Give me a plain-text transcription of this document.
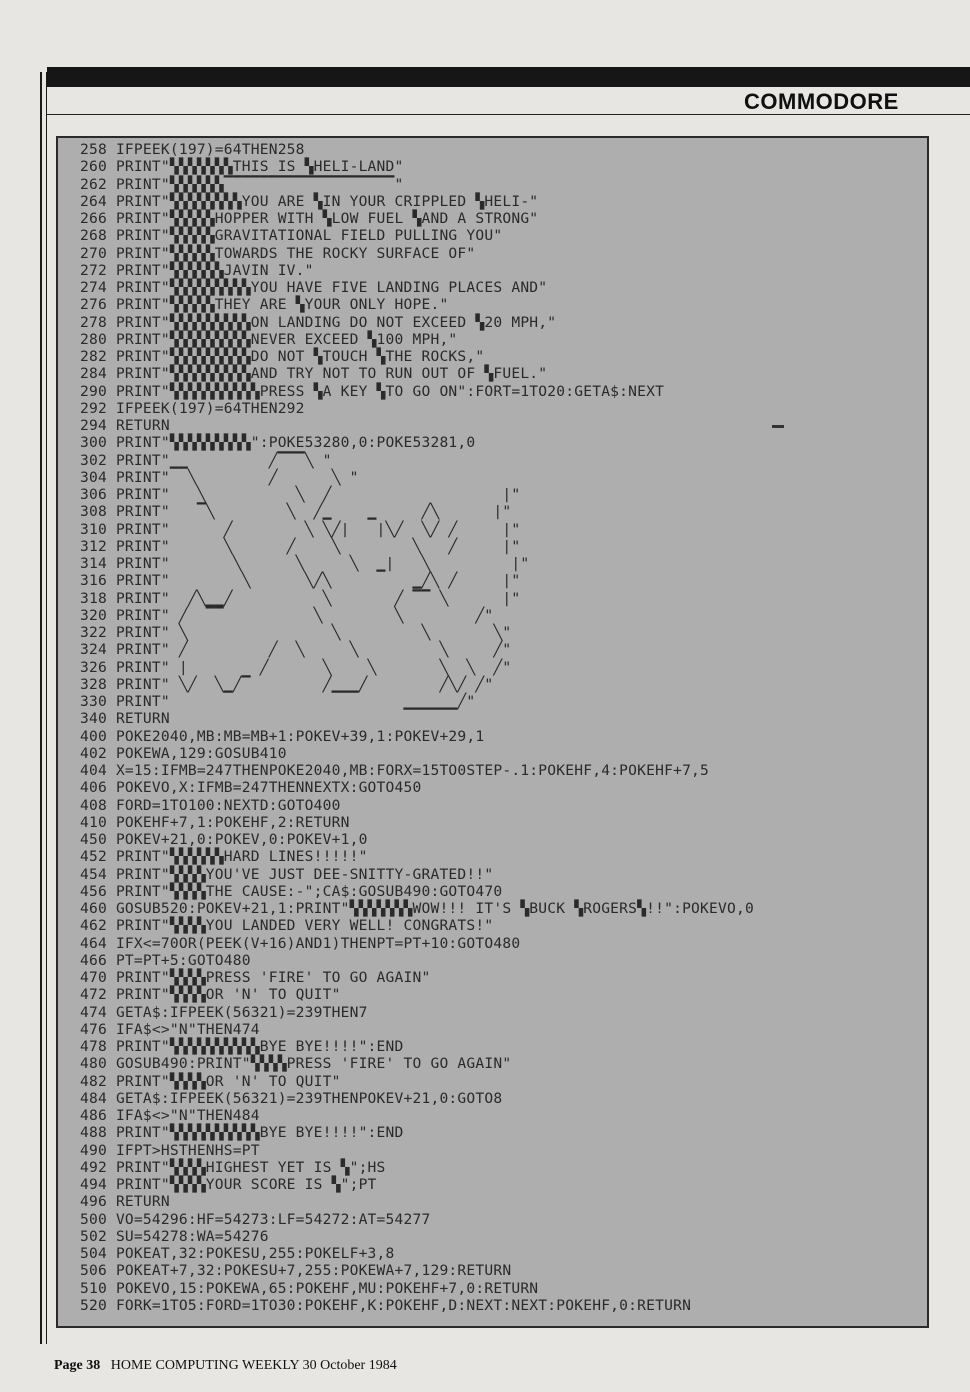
COMMODORE
258 IFPEEK(197)=64THEN258
260 PRINT"▚▚▚▚▚▚▚THIS IS ▚HELI-LAND"
262 PRINT"▚▚▚▚▚▚▔▔▔▔▔▔▔▔▔▔▔▔▔▔▔▔▔▔▔"
264 PRINT"▚▚▚▚▚▚▚▚YOU ARE ▚IN YOUR CRIPPLED ▚HELI-"
266 PRINT"▚▚▚▚▚HOPPER WITH ▚LOW FUEL ▚AND A STRONG"
268 PRINT"▚▚▚▚▚GRAVITATIONAL FIELD PULLING YOU"
270 PRINT"▚▚▚▚▚TOWARDS THE ROCKY SURFACE OF"
272 PRINT"▚▚▚▚▚▚JAVIN IV."
274 PRINT"▚▚▚▚▚▚▚▚▚YOU HAVE FIVE LANDING PLACES AND"
276 PRINT"▚▚▚▚▚THEY ARE ▚YOUR ONLY HOPE."
278 PRINT"▚▚▚▚▚▚▚▚▚ON LANDING DO NOT EXCEED ▚20 MPH,"
280 PRINT"▚▚▚▚▚▚▚▚▚NEVER EXCEED ▚100 MPH,"
282 PRINT"▚▚▚▚▚▚▚▚▚DO NOT ▚TOUCH ▚THE ROCKS,"
284 PRINT"▚▚▚▚▚▚▚▚▚AND TRY NOT TO RUN OUT OF ▚FUEL."
290 PRINT"▚▚▚▚▚▚▚▚▚▚PRESS ▚A KEY ▚TO GO ON":FORT=1TO20:GETA$:NEXT
292 IFPEEK(197)=64THEN292
294 RETURN
300 PRINT"▚▚▚▚▚▚▚▚▚":POKE53280,0:POKE53281,0
302 PRINT"▁▁         ╱▔▔▔╲ "
304 PRINT"  ╲        ╱      ╲ "
306 PRINT"   ╲          ╲  ╱                   |"
308 PRINT"   ▔╲        ╲  ╱▁    ▁     ╱╲      |"
310 PRINT"      ╱        ╲ ╲╱|   |╲╱  ╲╱ ╱     |"
312 PRINT"      ╲      ╱    ╲        ╲   ╱     |"
314 PRINT"       ╲      ╲     ╲  ▁|   ╲         |"
316 PRINT"        ╲      ╲╱╲         ▁╱╲ ╱     |"
318 PRINT"  ╱╲▁▁╱          ╲       ╱ ▔▔ ╲      |"
320 PRINT" ╱  ▔▔          ╲        ╲        ╱"
322 PRINT" ╲                ╲         ╲       ╲"
324 PRINT" ╱         ╱  ╲     ╲         ╲     ╱"
326 PRINT" |        ╱      ╲    ╲       ╲  ╲  ╱"
328 PRINT" ╲╱  ╲▁╱▔        ╱▁▁▁╱        ╱╲╱ ╱"
330 PRINT"                          ▁▁▁▁▁▁╱"
340 RETURN
400 POKE2040,MB:MB=MB+1:POKEV+39,1:POKEV+29,1
402 POKEWA,129:GOSUB410
404 X=15:IFMB=247THENPOKE2040,MB:FORX=15TO0STEP-.1:POKEHF,4:POKEHF+7,5
406 POKEVO,X:IFMB=247THENNEXTX:GOTO450
408 FORD=1TO100:NEXTD:GOTO400
410 POKEHF+7,1:POKEHF,2:RETURN
450 POKEV+21,0:POKEV,0:POKEV+1,0
452 PRINT"▚▚▚▚▚▚HARD LINES!!!!!"
454 PRINT"▚▚▚▚YOU'VE JUST DEE-SNITTY-GRATED!!"
456 PRINT"▚▚▚▚THE CAUSE:-";CA$:GOSUB490:GOTO470
460 GOSUB520:POKEV+21,1:PRINT"▚▚▚▚▚▚▚WOW!!! IT'S ▚BUCK ▚ROGERS▚!!":POKEVO,0
462 PRINT"▚▚▚▚YOU LANDED VERY WELL! CONGRATS!"
464 IFX<=70OR(PEEK(V+16)AND1)THENPT=PT+10:GOTO480
466 PT=PT+5:GOTO480
470 PRINT"▚▚▚▚PRESS 'FIRE' TO GO AGAIN"
472 PRINT"▚▚▚▚OR 'N' TO QUIT"
474 GETA$:IFPEEK(56321)=239THEN7
476 IFA$<>"N"THEN474
478 PRINT"▚▚▚▚▚▚▚▚▚▚BYE BYE!!!!":END
480 GOSUB490:PRINT"▚▚▚▚PRESS 'FIRE' TO GO AGAIN"
482 PRINT"▚▚▚▚OR 'N' TO QUIT"
484 GETA$:IFPEEK(56321)=239THENPOKEV+21,0:GOTO8
486 IFA$<>"N"THEN484
488 PRINT"▚▚▚▚▚▚▚▚▚▚BYE BYE!!!!":END
490 IFPT>HSTHENHS=PT
492 PRINT"▚▚▚▚HIGHEST YET IS ▚";HS
494 PRINT"▚▚▚▚YOUR SCORE IS ▚";PT
496 RETURN
500 VO=54296:HF=54273:LF=54272:AT=54277
502 SU=54278:WA=54276
504 POKEAT,32:POKESU,255:POKELF+3,8
506 POKEAT+7,32:POKESU+7,255:POKEWA+7,129:RETURN
510 POKEVO,15:POKEWA,65:POKEHF,MU:POKEHF+7,0:RETURN
520 FORK=1TO5:FORD=1TO30:POKEHF,K:POKEHF,D:NEXT:NEXT:POKEHF,0:RETURN
Page 38 HOME COMPUTING WEEKLY 30 October 1984
